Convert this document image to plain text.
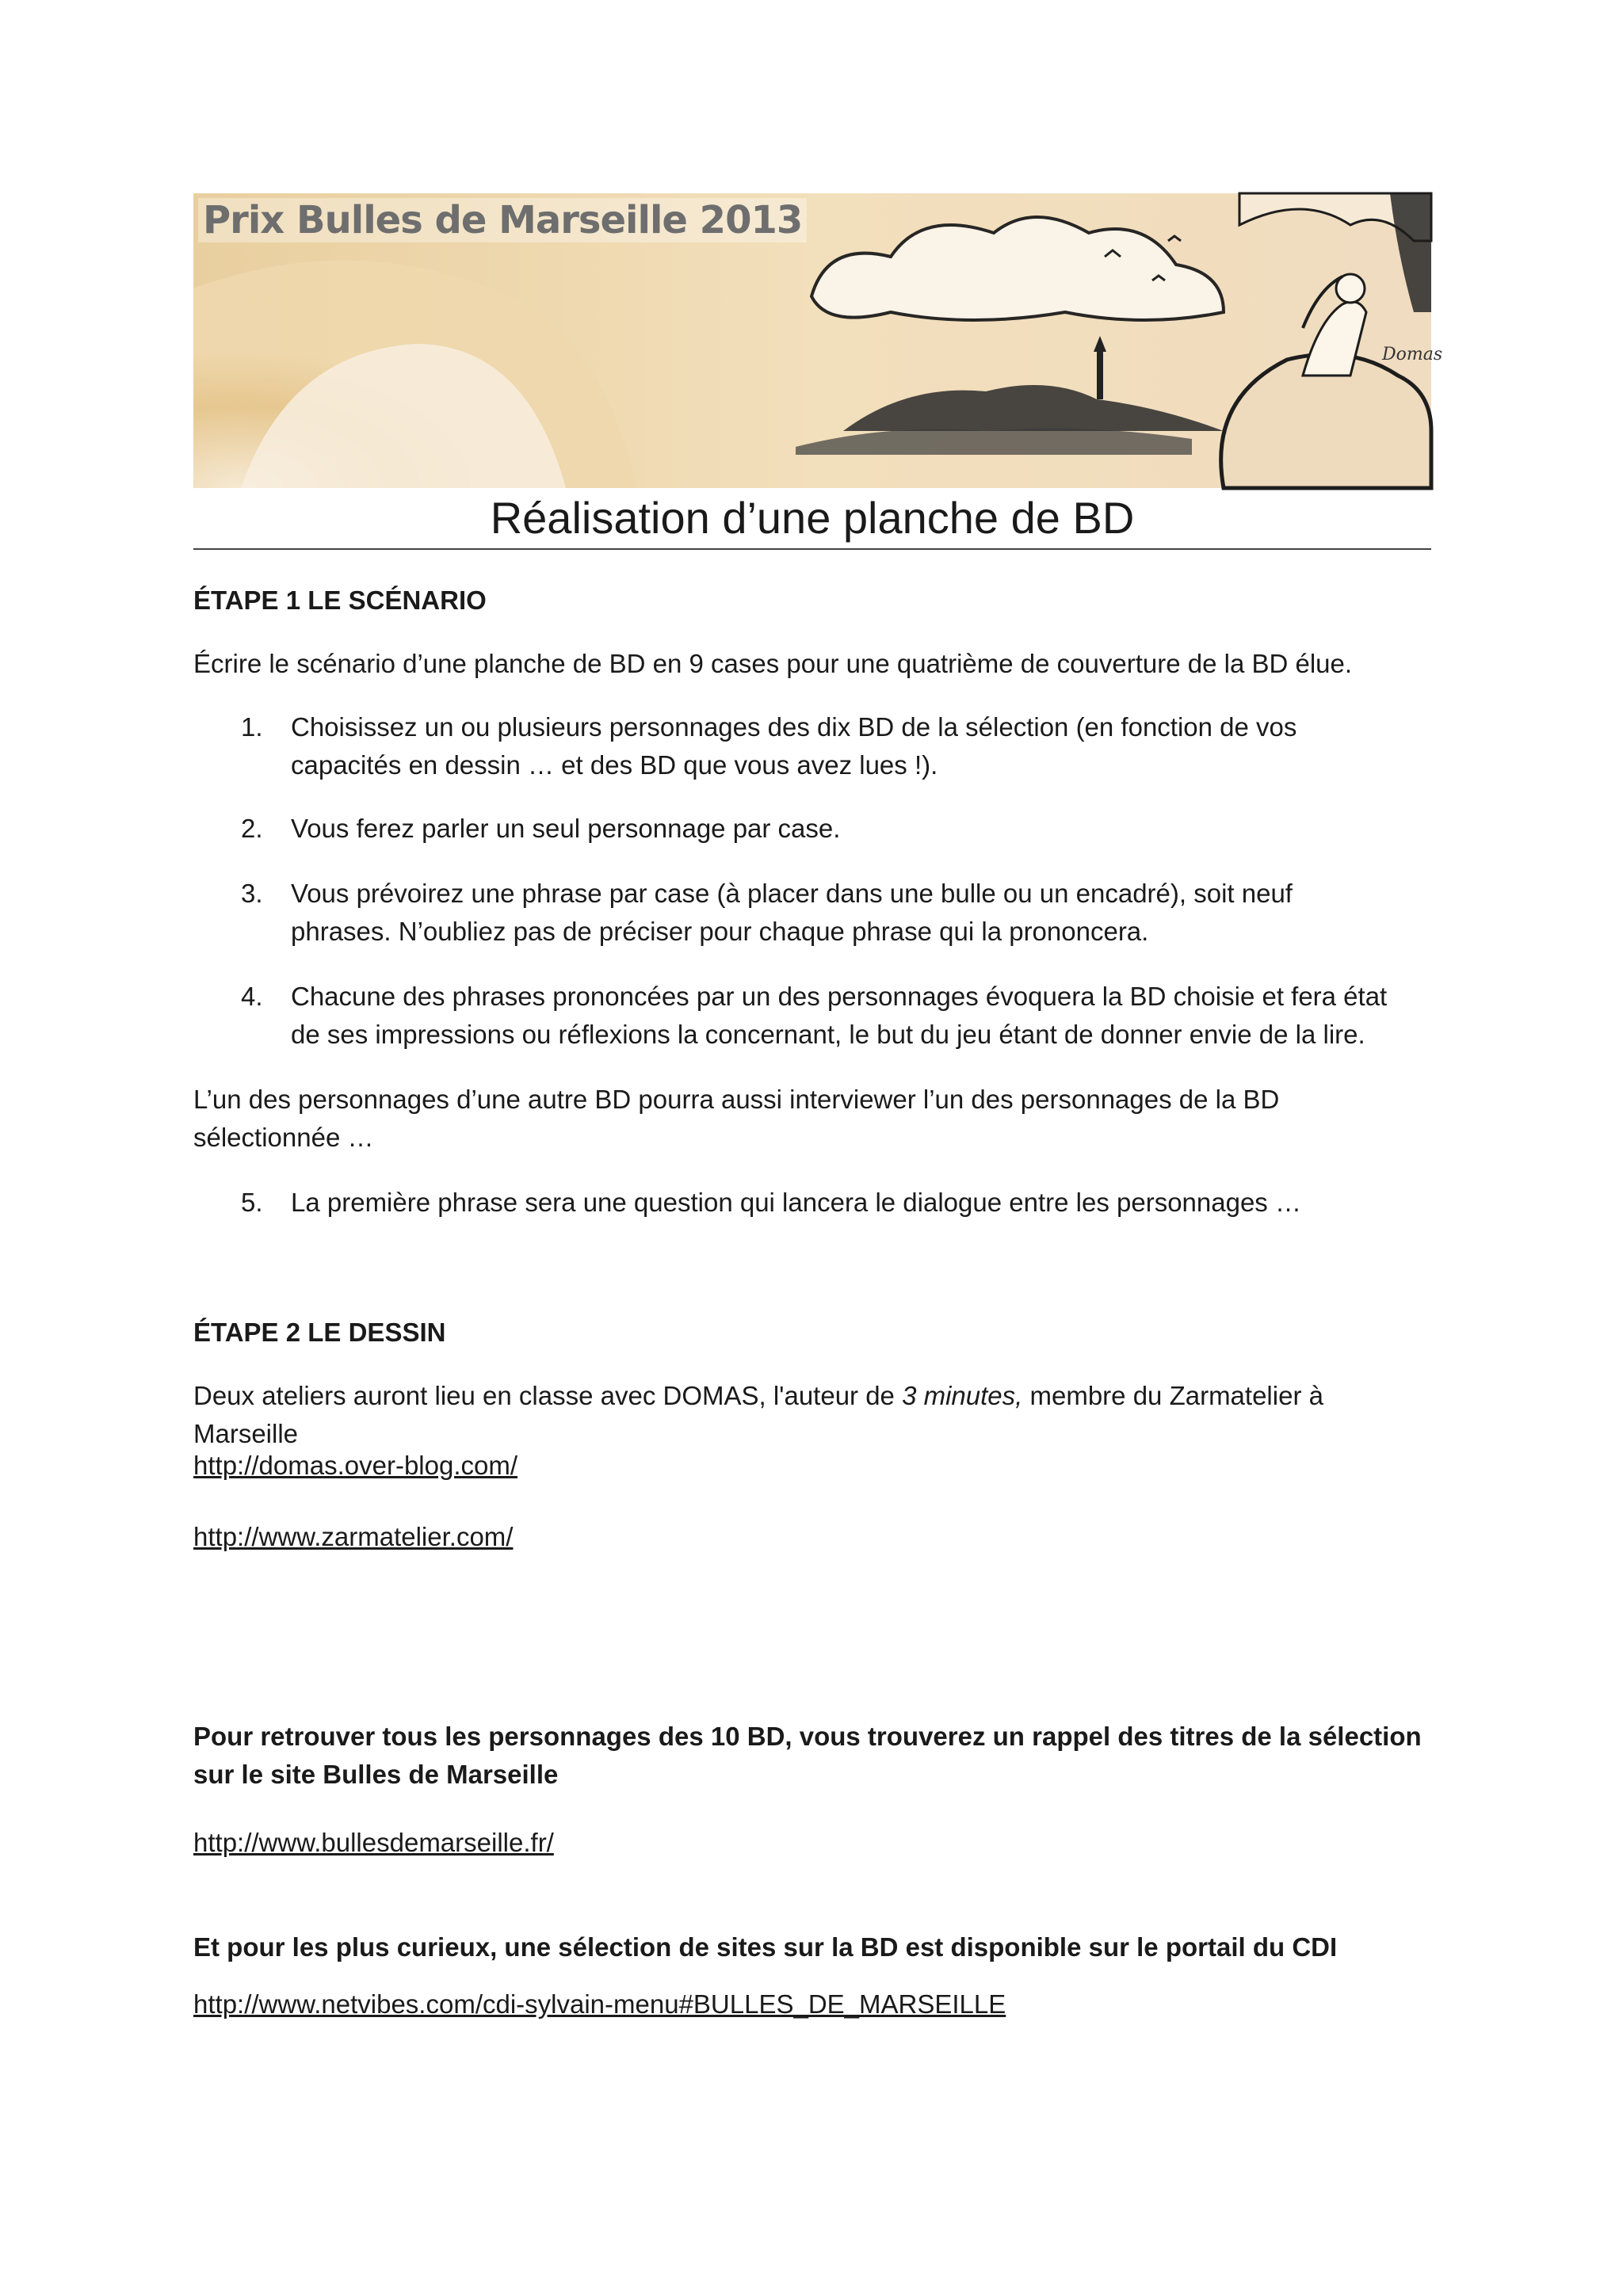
Domas
Prix Bulles de Marseille 2013
Réalisation d’une planche de BD

ÉTAPE 1 LE SCÉNARIO

Écrire le scénario d’une planche de BD en 9 cases pour une quatrième de couverture de la BD élue.

1. Choisissez un ou plusieurs personnages des dix BD de la sélection (en fonction de vos

capacités en dessin … et des BD que vous avez lues !).

2. Vous ferez parler un seul personnage par case.

3. Vous prévoirez une phrase par case (à placer dans une bulle ou un encadré), soit neuf

phrases. N’oubliez pas de préciser pour chaque phrase qui la prononcera.

4. Chacune des phrases prononcées par un des personnages évoquera la BD choisie et fera état

de ses impressions ou réflexions la concernant, le but du jeu étant de donner envie de la lire.

L’un des personnages d’une autre BD pourra aussi interviewer l’un des personnages de la BD

sélectionnée …

5. La première phrase sera une question qui lancera le dialogue entre les personnages …

ÉTAPE 2 LE DESSIN

Deux ateliers auront lieu en classe avec DOMAS, l'auteur de 3 minutes, membre du Zarmatelier à

Marseille

http://domas.over-blog.com/
http://www.zarmatelier.com/

Pour retrouver tous les personnages des 10 BD, vous trouverez un rappel des titres de la sélection

sur le site Bulles de Marseille

http://www.bullesdemarseille.fr/

Et pour les plus curieux, une sélection de sites sur la BD est disponible sur le portail du CDI

http://www.netvibes.com/cdi-sylvain-menu#BULLES_DE_MARSEILLE
